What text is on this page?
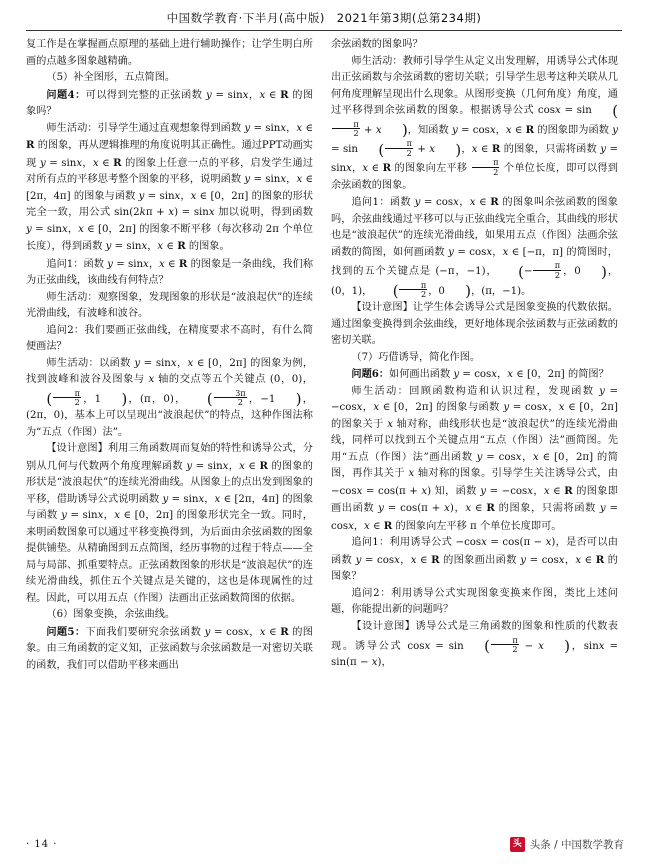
中国数学教育·下半月(高中版)　2021年第3期(总第234期)

复工作是在掌握画点原理的基础上进行辅助操作；让学生明白所画的点越多图象越精确。

（5）补全图形，五点简图。

问题4：可以得到完整的正弦函数 y = sinx，x ∈ R 的图象吗？

师生活动：引导学生通过直观想象得到函数 y = sinx，x ∈ R 的图象，再从逻辑推理的角度说明其正确性。通过PPT动画实现 y = sinx，x ∈ R 的图象上任意一点的平移，启发学生通过对所有点的平移思考整个图象的平移，说明函数 y = sinx，x ∈ [2π，4π] 的图象与函数 y = sinx，x ∈ [0，2π] 的图象的形状完全一致，用公式 sin(2kπ + x) = sinx 加以说明，得到函数 y = sinx，x ∈ [0，2π] 的图象不断平移（每次移动 2π 个单位长度），得到函数 y = sinx，x ∈ R 的图象。

追问1：函数 y = sinx，x ∈ R 的图象是一条曲线，我们称为正弦曲线，该曲线有何特点？

师生活动：观察图象，发现图象的形状是“波浪起伏”的连续光滑曲线，有波峰和波谷。

追问2：我们要画正弦曲线，在精度要求不高时，有什么简便画法？

师生活动：以函数 y = sinx，x ∈ [0，2π] 的图象为例，找到波峰和波谷及图象与 x 轴的交点等五个关键点 (0，0)，( $\frac{\pi}{2}$ ，1 )，(π，0)， ( $\frac{3\pi}{2}$ ，−1 )，(2π，0)，基本上可以呈现出“波浪起伏”的特点，这种作图法称为“五点（作图）法”。

【设计意图】利用三角函数周而复始的特性和诱导公式，分别从几何与代数两个角度理解函数 y = sinx，x ∈ R 的图象的形状是“波浪起伏”的连续光滑曲线。从图象上的点出发到图象的平移，借助诱导公式说明函数 y = sinx，x ∈ [2π，4π] 的图象与函数 y = sinx，x ∈ [0，2π] 的图象形状完全一致。同时，来明函数图象可以通过平移变换得到，为后面由余弦函数的图象提供铺垫。从精确图到五点简图，经历事物的过程于特点——全局与局部、抓重要特点。正弦函数图象的形状是“波浪起伏”的连续光滑曲线，抓住五个关键点是关键的，这也是体现属性的过程。因此，可以用五点（作图）法画出正弦函数简图的依据。

（6）图象变换，余弦曲线。

问题5：下面我们要研究余弦函数 y = cosx，x ∈ R 的图象。由三角函数的定义知，正弦函数与余弦函数是一对密切关联的函数，我们可以借助平移来画出

余弦函数的图象吗？

师生活动：教师引导学生从定义出发理解，用诱导公式体现出正弦函数与余弦函数的密切关联；引导学生思考这种关联从几何角度理解呈现出什么现象。从图形变换（几何角度）角度，通过平移得到余弦函数的图象。根据诱导公式 cosx = sin (
$\frac{\pi}{2} + x$ )，知函数 y = cosx，x ∈ R 的图象即为函数 y = sin ( $\frac{\pi}{2} + x$ )，x ∈ R 的图象，只需将函数 y = sinx，x ∈ R 的图象向左平移 $\frac{\pi}{2}$ 个单位长度，即可以得到余弦函数的图象。

追问1：函数 y = cosx，x ∈ R 的图象叫余弦函数的图象吗，余弦曲线通过平移可以与正弦曲线完全重合，其曲线的形状也是“波浪起伏”的连续光滑曲线，如果用五点（作图）法画余弦函数的简图，如何画函数 y = cosx，x ∈ [−π，π] 的简图时，找到的五个关键点是 (−π，−1)， (− $\frac{\pi}{2}$ ，0 )，(0，1)， ( $\frac{\pi}{2}$ ，0 )，(π，−1)。

【设计意图】让学生体会诱导公式是图象变换的代数依据。通过图象变换得到余弦曲线，更好地体现余弦函数与正弦函数的密切关联。

（7）巧借诱导，简化作图。

问题6：如何画出函数 y = cosx，x ∈ [0，2π] 的简图？

师生活动：回顾函数构造和认识过程，发现函数 y = −cosx，x ∈ [0，2π] 的图象与函数 y = cosx，x ∈ [0，2π] 的图象关于 x 轴对称，曲线形状也是“波浪起伏”的连续光滑曲线，同样可以找到五个关键点用“五点（作图）法”画简图。先用“五点（作图）法”画出函数 y = cosx，x ∈ [0，2π] 的简图，再作其关于 x 轴对称的图象。引导学生关注诱导公式，由 −cosx = cos(π + x) 知，函数 y = −cosx，x ∈ R 的图象即画出函数 y = cos(π + x)，x ∈ R 的图象，只需将函数 y = cosx，x ∈ R 的图象向左平移 π 个单位长度即可。

追问1：利用诱导公式 −cosx = cos(π − x)，是否可以由函数 y = cosx，x ∈ R 的图象画出函数 y = cosx，x ∈ R 的图象？

追问2：利用诱导公式实现图象变换来作图，类比上述问题，你能提出新的问题吗？

【设计意图】诱导公式是三角函数的图象和性质的代数表现。诱导公式 cosx = sin ( $\frac{\pi}{2} - x$ )，sinx = sin(π − x)，

· 14 ·	头 头条 / 中国数学教育
